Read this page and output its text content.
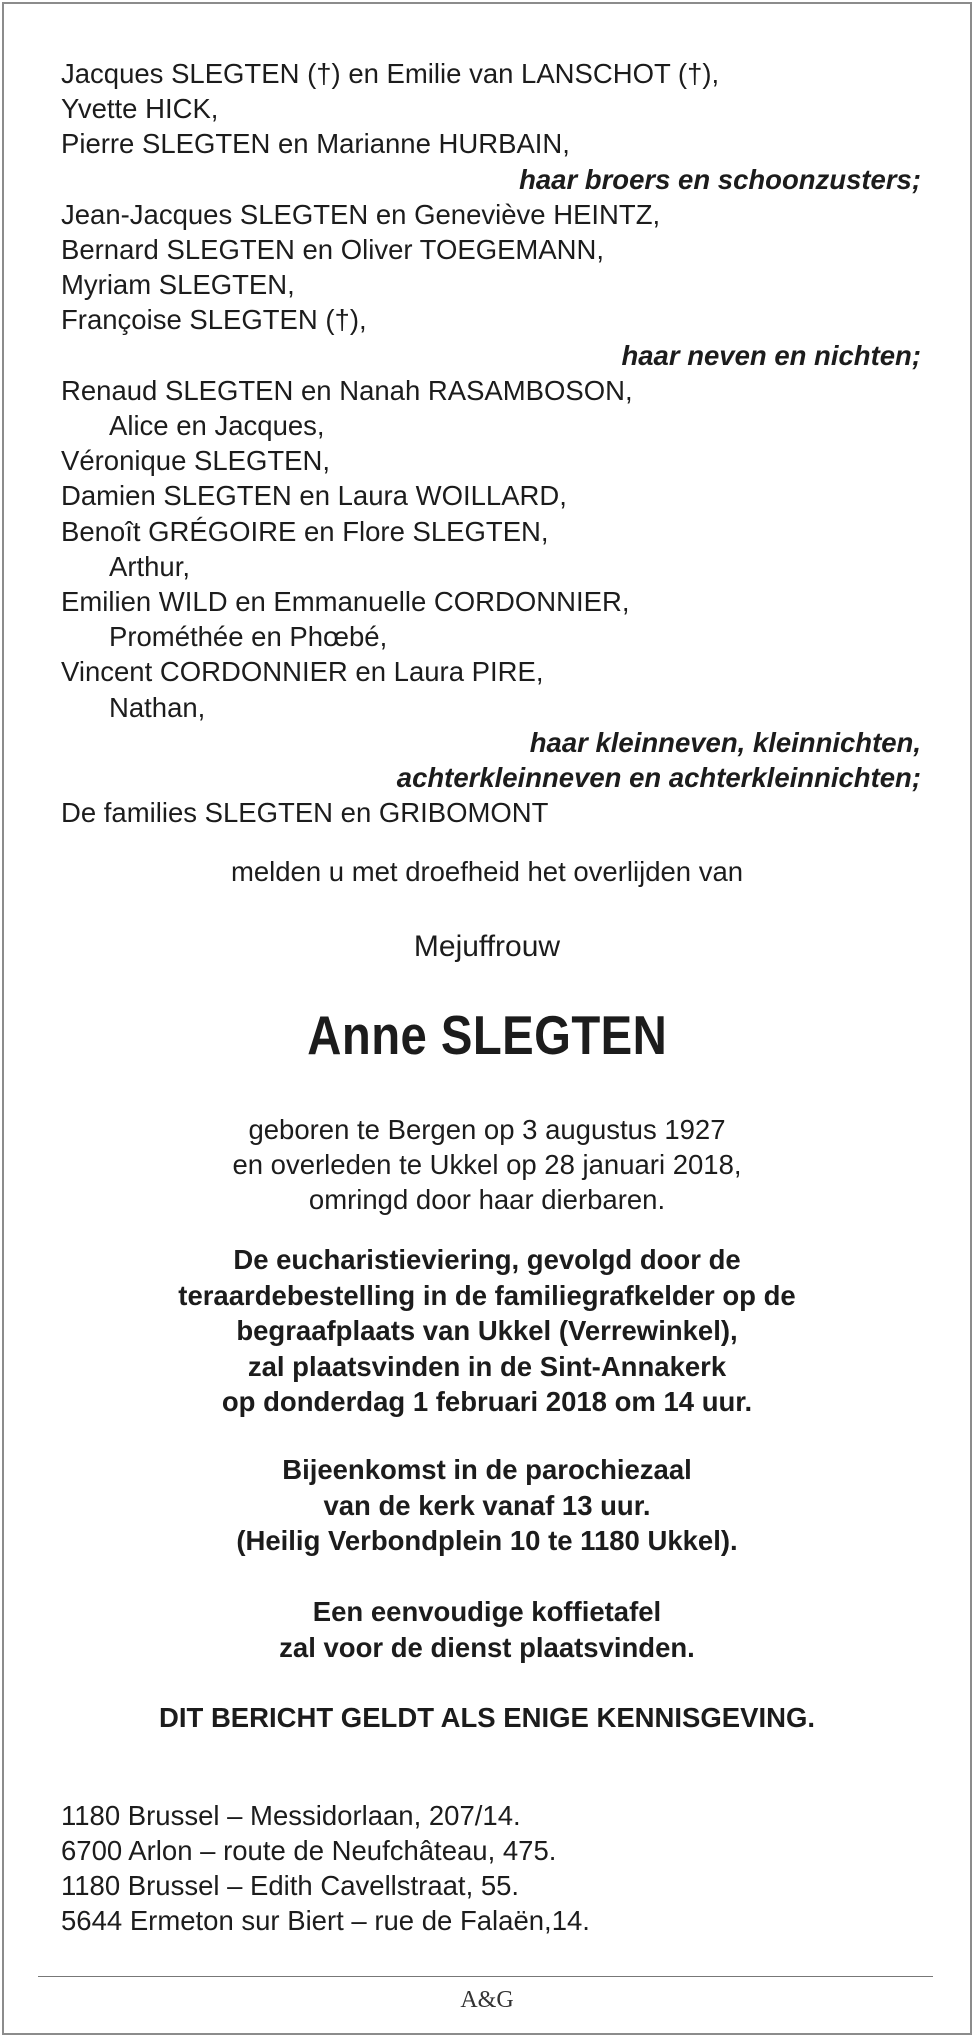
Jacques SLEGTEN (†) en Emilie van LANSCHOT (†),
Yvette HICK,
Pierre SLEGTEN en Marianne HURBAIN,
haar broers en schoonzusters;
Jean-Jacques SLEGTEN en Geneviève HEINTZ,
Bernard SLEGTEN en Oliver TOEGEMANN,
Myriam SLEGTEN,
Françoise SLEGTEN (†),
haar neven en nichten;
Renaud SLEGTEN en Nanah RASAMBOSON,
Alice en Jacques,
Véronique SLEGTEN,
Damien SLEGTEN en Laura WOILLARD,
Benoît GRÉGOIRE en Flore SLEGTEN,
Arthur,
Emilien WILD en Emmanuelle CORDONNIER,
Prométhée en Phœbé,
Vincent CORDONNIER en Laura PIRE,
Nathan,
haar kleinneven, kleinnichten,
achterkleinneven en achterkleinnichten;
De families SLEGTEN en GRIBOMONT
melden u met droefheid het overlijden van
Mejuffrouw
Anne SLEGTEN
geboren te Bergen op 3 augustus 1927
en overleden te Ukkel op 28 januari 2018,
omringd door haar dierbaren.
De eucharistieviering, gevolgd door de
teraardebestelling in de familiegrafkelder op de
begraafplaats van Ukkel (Verrewinkel),
zal plaatsvinden in de Sint-Annakerk
op donderdag 1 februari 2018 om 14 uur.
Bijeenkomst in de parochiezaal
van de kerk vanaf 13 uur.
(Heilig Verbondplein 10 te 1180 Ukkel).
Een eenvoudige koffietafel
zal voor de dienst plaatsvinden.
DIT BERICHT GELDT ALS ENIGE KENNISGEVING.
1180 Brussel – Messidorlaan, 207/14.
6700 Arlon – route de Neufchâteau, 475.
1180 Brussel – Edith Cavellstraat, 55.
5644 Ermeton sur Biert – rue de Falaën,14.
A&G
